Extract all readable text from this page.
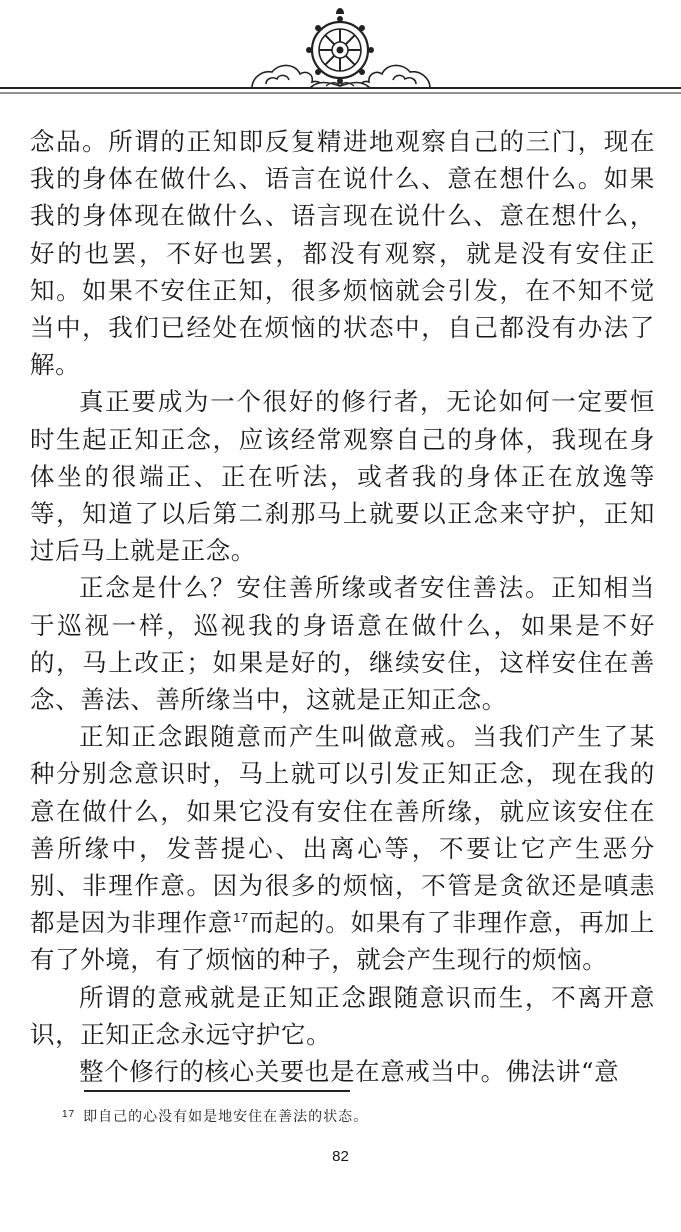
念品。所谓的正知即反复精进地观察自己的三门，现在我的身体在做什么、语言在说什么、意在想什么。如果我的身体现在做什么、语言现在说什么、意在想什么，好的也罢，不好也罢，都没有观察，就是没有安住正知。如果不安住正知，很多烦恼就会引发，在不知不觉当中，我们已经处在烦恼的状态中，自己都没有办法了解。

真正要成为一个很好的修行者，无论如何一定要恒时生起正知正念，应该经常观察自己的身体，我现在身体坐的很端正、正在听法，或者我的身体正在放逸等等，知道了以后第二刹那马上就要以正念来守护，正知过后马上就是正念。

正念是什么？安住善所缘或者安住善法。正知相当于巡视一样，巡视我的身语意在做什么，如果是不好的，马上改正；如果是好的，继续安住，这样安住在善念、善法、善所缘当中，这就是正知正念。

正知正念跟随意而产生叫做意戒。当我们产生了某种分别念意识时，马上就可以引发正知正念，现在我的意在做什么，如果它没有安住在善所缘，就应该安住在善所缘中，发菩提心、出离心等，不要让它产生恶分别、非理作意。因为很多的烦恼，不管是贪欲还是嗔恚都是因为非理作意$^{17}$而起的。如果有了非理作意，再加上有了外境，有了烦恼的种子，就会产生现行的烦恼。

所谓的意戒就是正知正念跟随意识而生，不离开意识，正知正念永远守护它。

整个修行的核心关要也是在意戒当中。佛法讲“意

$^{17}$ 即自己的心没有如是地安住在善法的状态。
82
